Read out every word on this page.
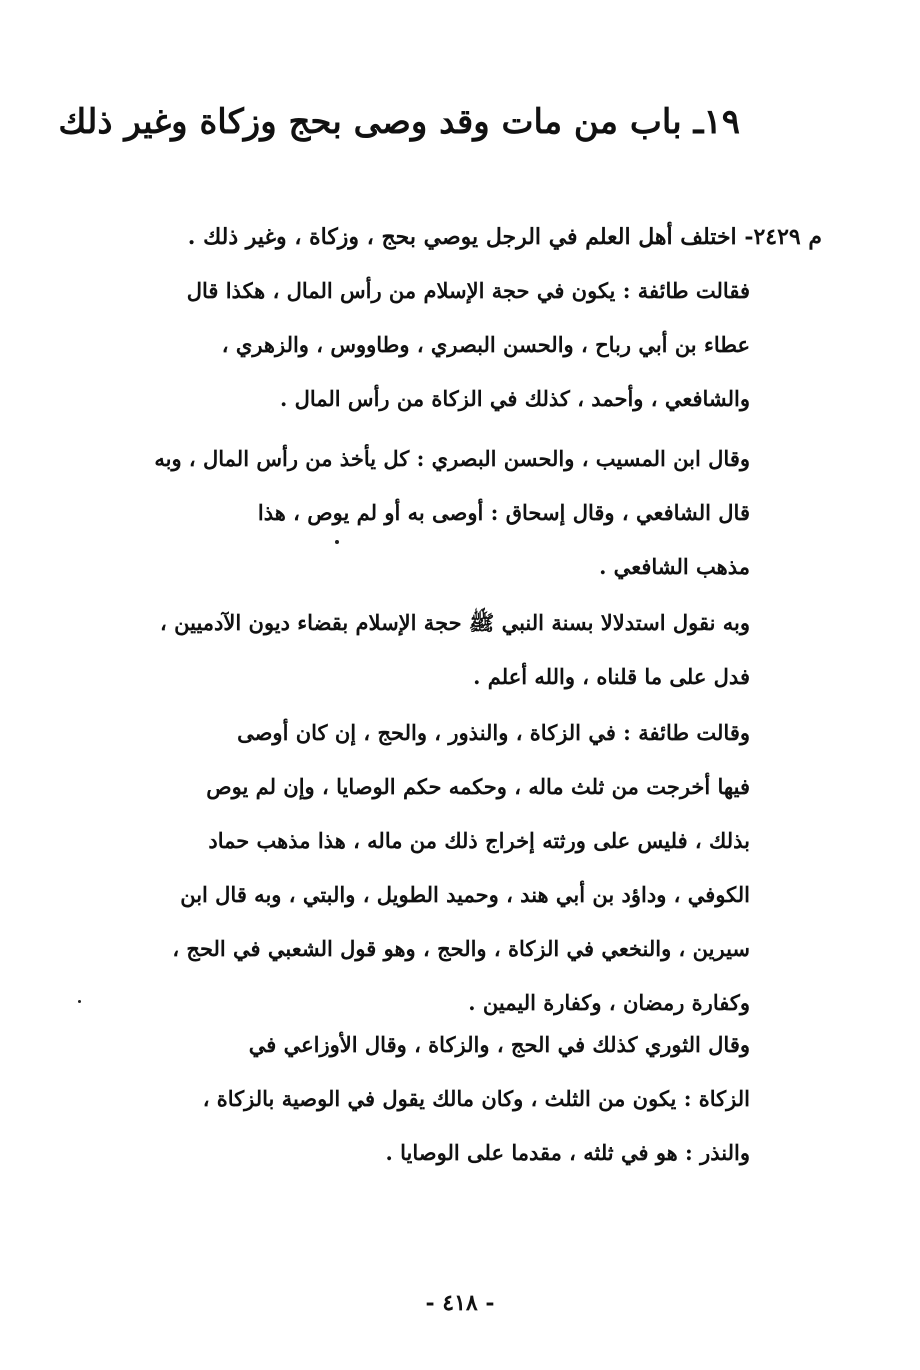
١٩ـ باب من مات وقد وصى بحج وزكاة وغير ذلك
م ٢٤٢٩- اختلف أهل العلم في الرجل يوصي بحج ، وزكاة ، وغير ذلك .
فقالت طائفة : يكون في حجة الإسلام من رأس المال ، هكذا قال
عطاء بن أبي رباح ، والحسن البصري ، وطاووس ، والزهري ،
والشافعي ، وأحمد ، كذلك في الزكاة من رأس المال .
وقال ابن المسيب ، والحسن البصري : كل يأخذ من رأس المال ، وبه
قال الشافعي ، وقال إسحاق : أوصى به أو لم يوص ، هذا
مذهب الشافعي .
وبه نقول استدلالا بسنة النبي ﷺ حجة الإسلام بقضاء ديون الآدميين ،
فدل على ما قلناه ، والله أعلم .
وقالت طائفة : في الزكاة ، والنذور ، والحج ، إن كان أوصى
فيها أخرجت من ثلث ماله ، وحكمه حكم الوصايا ، وإن لم يوص
بذلك ، فليس على ورثته إخراج ذلك من ماله ، هذا مذهب حماد
الكوفي ، وداؤد بن أبي هند ، وحميد الطويل ، والبتي ، وبه قال ابن
سيرين ، والنخعي في الزكاة ، والحج ، وهو قول الشعبي في الحج ،
وكفارة رمضان ، وكفارة اليمين .
وقال الثوري كذلك في الحج ، والزكاة ، وقال الأوزاعي في
الزكاة : يكون من الثلث ، وكان مالك يقول في الوصية بالزكاة ،
والنذر : هو في ثلثه ، مقدما على الوصايا .
- ٤١٨ -
